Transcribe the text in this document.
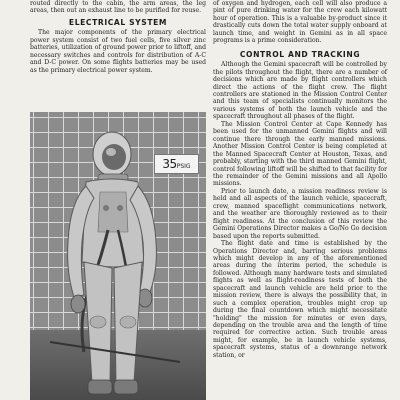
routed directly to the cabin, the arm areas, the leg areas, then out an exhaust line to be purified for reuse.

ELECTRICAL SYSTEM

The major components of the primary electrical power system consist of two fuel cells, five silver zinc batteries, utilization of ground power prior to liftoff, and necessary switches and controls for distribution of A-C and D-C power. On some flights batteries may be used as the primary electrical power system.

35PSIG

of oxygen and hydrogen, each cell will also produce a pint of pure drinking water for the crew each kilowatt hour of operation. This is a valuable by-product since it drastically cuts down the total water supply onboard at launch time, and weight in Gemini as in all space programs is a prime consideration.

CONTROL AND TRACKING

Although the Gemini spacecraft will be controlled by the pilots throughout the flight, there are a number of decisions which are made by flight controllers which direct the actions of the flight crew. The flight controllers are stationed in the Mission Control Center and this team of specialists continually monitors the various systems of both the launch vehicle and the spacecraft throughout all phases of the flight.

The Mission Control Center at Cape Kennedy has been used for the unmanned Gemini flights and will continue there through the early manned missions. Another Mission Control Center is being completed at the Manned Spacecraft Center at Houston, Texas, and probably, starting with the third manned Gemini flight, control following liftoff will be shifted to that facility for the remainder of the Gemini missions and all Apollo missions.

Prior to launch date, a mission readiness review is held and all aspects of the launch vehicle, spacecraft, crew, manned spaceflight communications network, and the weather are thoroughly reviewed as to their flight readiness. At the conclusion of this review the Gemini Operations Director makes a Go/No Go decision based upon the reports submitted.

The flight date and time is established by the Operations Director and, barring serious problems which might develop in any of the aforementioned areas during the interim period, the schedule is followed. Although many hardware tests and simulated flights as well as flight-readiness tests of both the spacecraft and launch vehicle are held prior to the mission review, there is always the possibility that, in such a complex operation, troubles might crop up during the final countdown which might necessitate "holding" the mission for minutes or even days, depending on the trouble area and the length of time required for corrective action. Such trouble areas might, for example, be in launch vehicle systems, spacecraft systems, status of a downrange network station, or
